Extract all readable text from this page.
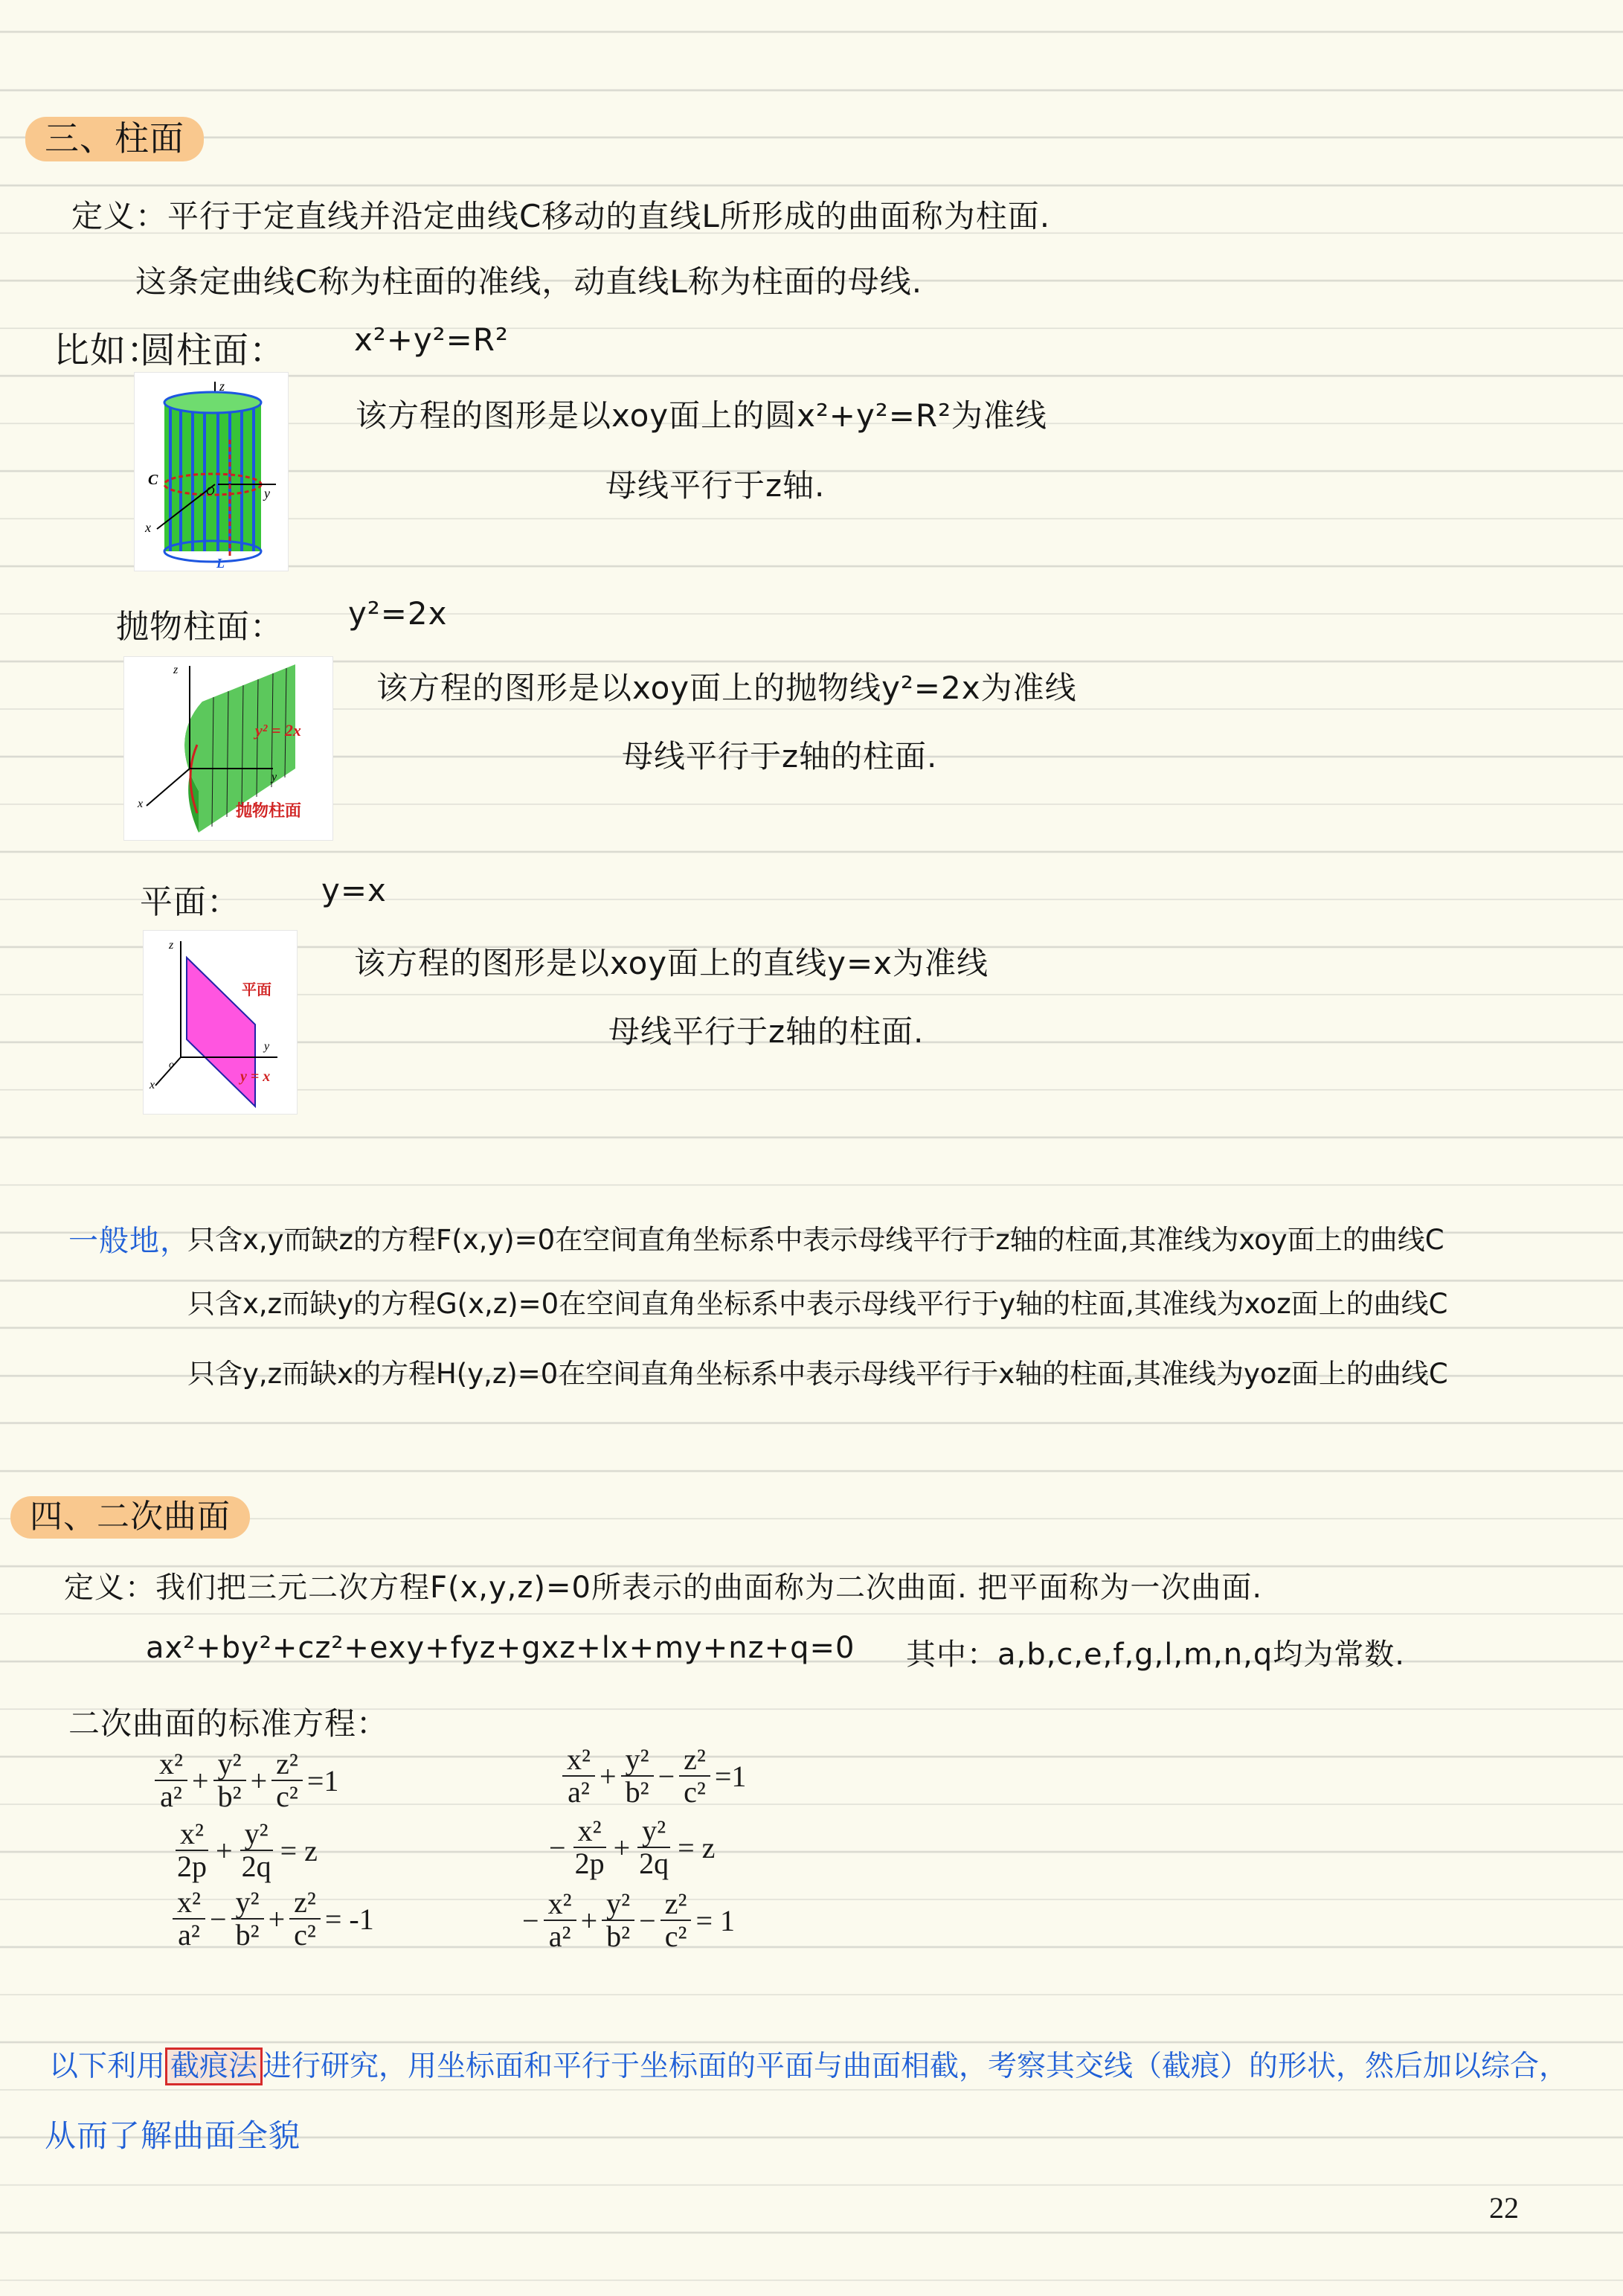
三、柱面
定义：平行于定直线并沿定曲线C移动的直线L所形成的曲面称为柱面.
这条定曲线C称为柱面的准线，动直线L称为柱面的母线.
比如：
圆柱面： x²+y²=R²
z
C
y
x
O
L
该方程的图形是以xoy面上的圆x²+y²=R²为准线
母线平行于z轴.
抛物柱面： y²=2x
z
y
x
y² = 2x
抛物柱面
该方程的图形是以xoy面上的抛物线y²=2x为准线
母线平行于z轴的柱面.
平面：	y=x
z
y
x
o
平面
y = x
该方程的图形是以xoy面上的直线y=x为准线
母线平行于z轴的柱面.
一般地，
只含x,y而缺z的方程F(x,y)=0在空间直角坐标系中表示母线平行于z轴的柱面,其准线为xoy面上的曲线C
只含x,z而缺y的方程G(x,z)=0在空间直角坐标系中表示母线平行于y轴的柱面,其准线为xoz面上的曲线C
只含y,z而缺x的方程H(y,z)=0在空间直角坐标系中表示母线平行于x轴的柱面,其准线为yoz面上的曲线C
四、二次曲面
定义：我们把三元二次方程F(x,y,z)=0所表示的曲面称为二次曲面. 把平面称为一次曲面.
ax²+by²+cz²+exy+fyz+gxz+lx+my+nz+q=0 其中：a,b,c,e,f,g,l,m,n,q均为常数.
二次曲面的标准方程：
$\frac{\text{x²}}{\text{a²}} + \frac{\text{y²}}{\text{b²}} + \frac{\text{z²}}{\text{c²}} =1$	$\frac{\text{x²}}{\text{a²}} + \frac{\text{y²}}{\text{b²}} - \frac{\text{z²}}{\text{c²}} =1$
$\frac{\text{x²}}{2p} + \frac{\text{y²}}{2q} = z$	− $\frac{\text{x²}}{2p} + \frac{\text{y²}}{2q} = z$
$\frac{\text{x²}}{\text{a²}} - \frac{\text{y²}}{\text{b²}} + \frac{\text{z²}}{\text{c²}} = -1$	− $\frac{\text{x²}}{\text{a²}} + \frac{\text{y²}}{\text{b²}} - \frac{\text{z²}}{\text{c²}} = 1$
以下利用 截痕法 进行研究，用坐标面和平行于坐标面的平面与曲面相截，考察其交线（截痕）的形状，然后加以综合，
从而了解曲面全貌
22
